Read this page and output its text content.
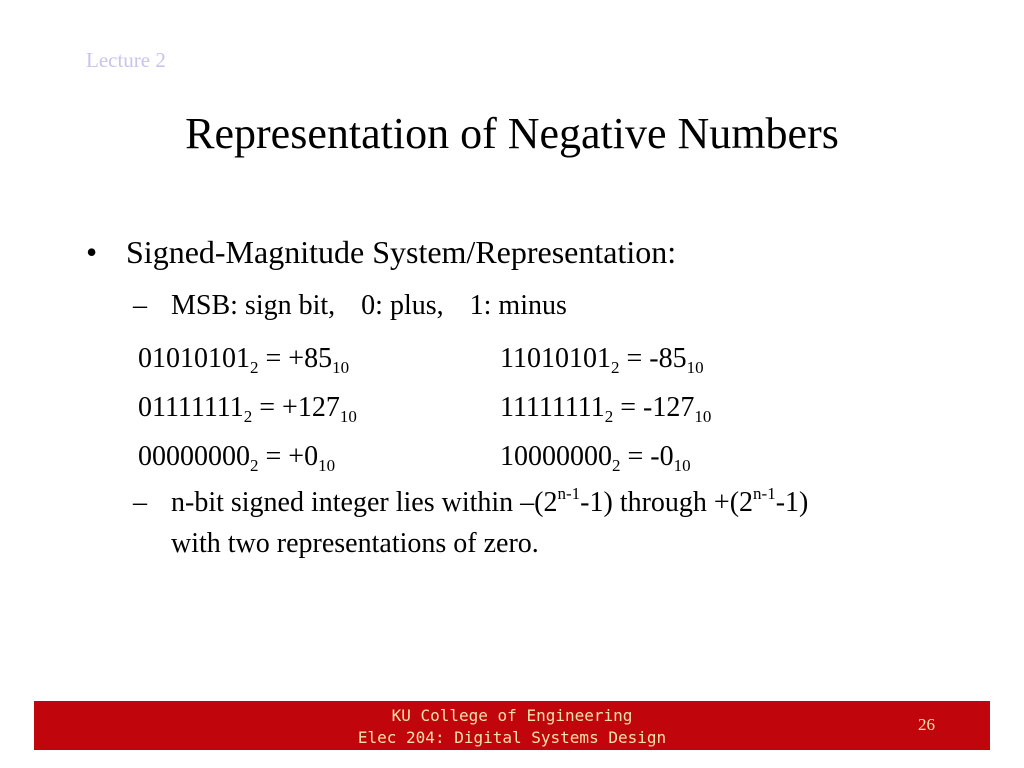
Lecture 2
Representation of Negative Numbers
• Signed-Magnitude System/Representation:
– MSB: sign bit, 0: plus, 1: minus
$01010101_2 = +85_{10}$	$11010101_2 = -85_{10}$
$01111111_2 = +127_{10}$	$11111111_2 = -127_{10}$
$00000000_2 = +0_{10}$	$10000000_2 = -0_{10}$
– n-bit signed integer lies within –(2$^{n-1}$-1) through $+(2^{n-1}-1)$
with two representations of zero.
KU College of Engineering
Elec 204: Digital Systems Design
26
